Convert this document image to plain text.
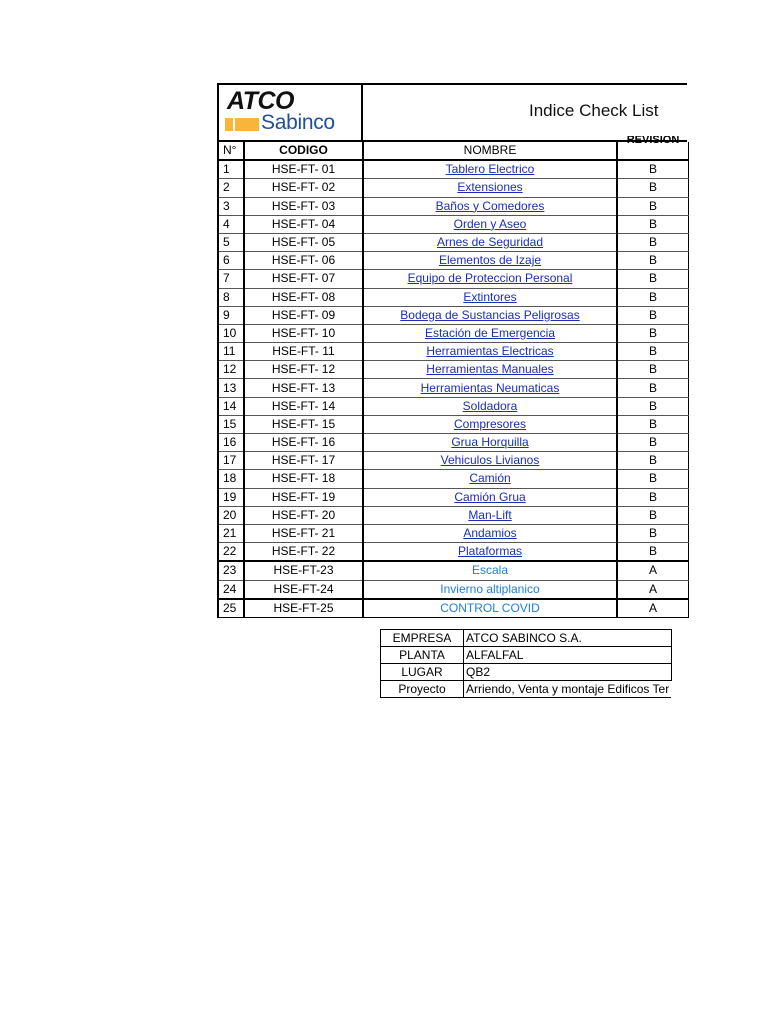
ATCO
Sabinco
Indice Check List
N°	CODIGO	NOMBRE	REVISION
1	HSE-FT- 01	Tablero Electrico	B
2	HSE-FT- 02	Extensiones	B
3	HSE-FT- 03	Baños y Comedores	B
4	HSE-FT- 04	Orden y Aseo	B
5	HSE-FT- 05	Arnes de Seguridad	B
6	HSE-FT- 06	Elementos de Izaje	B
7	HSE-FT- 07	Equipo de Proteccion Personal	B
8	HSE-FT- 08	Extintores	B
9	HSE-FT- 09	Bodega de Sustancias Peligrosas	B
10	HSE-FT- 10	Estación de Emergencia	B
11	HSE-FT- 11	Herramientas Electricas	B
12	HSE-FT- 12	Herramientas Manuales	B
13	HSE-FT- 13	Herramientas Neumaticas	B
14	HSE-FT- 14	Soldadora	B
15	HSE-FT- 15	Compresores	B
16	HSE-FT- 16	Grua Horquilla	B
17	HSE-FT- 17	Vehiculos Livianos	B
18	HSE-FT- 18	Camión	B
19	HSE-FT- 19	Camión Grua	B
20	HSE-FT- 20	Man-Lift	B
21	HSE-FT- 21	Andamios	B
22	HSE-FT- 22	Plataformas	B
23	HSE-FT-23	Escala	A
24	HSE-FT-24	Invierno altiplanico	A
25	HSE-FT-25	CONTROL COVID	A
EMPRESA	ATCO SABINCO S.A.
PLANTA	ALFALFAL
LUGAR	QB2
Proyecto	Arriendo, Venta y montaje Edificos Ter
